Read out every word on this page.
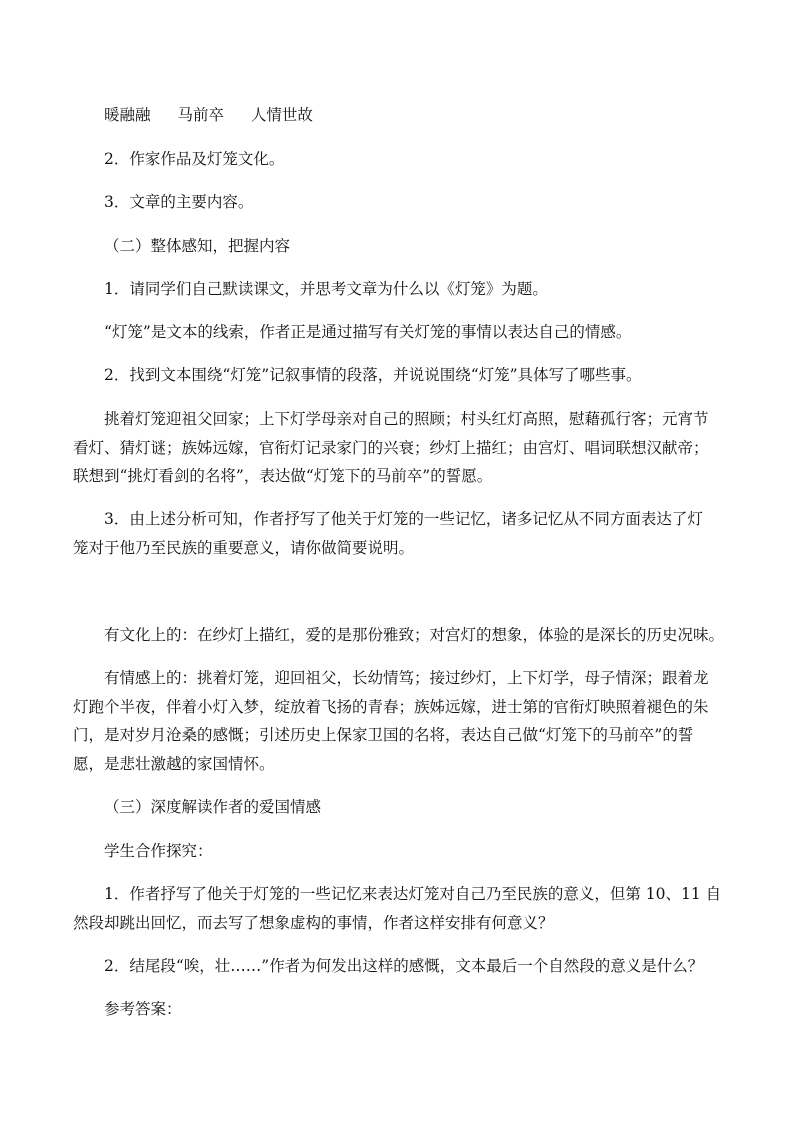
暖融融 马前卒 人情世故

2．作家作品及灯笼文化。

3．文章的主要内容。

（二）整体感知，把握内容

1．请同学们自己默读课文，并思考文章为什么以《灯笼》为题。

“灯笼”是文本的线索，作者正是通过描写有关灯笼的事情以表达自己的情感。

2．找到文本围绕“灯笼”记叙事情的段落，并说说围绕“灯笼”具体写了哪些事。

挑着灯笼迎祖父回家；上下灯学母亲对自己的照顾；村头红灯高照，慰藉孤行客；元宵节

看灯、猜灯谜；族姊远嫁，官衔灯记录家门的兴衰；纱灯上描红；由宫灯、唱词联想汉献帝；

联想到“挑灯看剑的名将”，表达做“灯笼下的马前卒”的誓愿。

3．由上述分析可知，作者抒写了他关于灯笼的一些记忆，诸多记忆从不同方面表达了灯

笼对于他乃至民族的重要意义，请你做简要说明。

有文化上的：在纱灯上描红，爱的是那份雅致；对宫灯的想象，体验的是深长的历史况味。

有情感上的：挑着灯笼，迎回祖父，长幼情笃；接过纱灯，上下灯学，母子情深；跟着龙

灯跑个半夜，伴着小灯入梦，绽放着飞扬的青春；族姊远嫁，进士第的官衔灯映照着褪色的朱

门，是对岁月沧桑的感慨；引述历史上保家卫国的名将，表达自己做“灯笼下的马前卒”的誓

愿，是悲壮激越的家国情怀。

（三）深度解读作者的爱国情感

学生合作探究：

1．作者抒写了他关于灯笼的一些记忆来表达灯笼对自己乃至民族的意义，但第 10、11 自

然段却跳出回忆，而去写了想象虚构的事情，作者这样安排有何意义？

2．结尾段“唉，壮……”作者为何发出这样的感慨，文本最后一个自然段的意义是什么？

参考答案：
